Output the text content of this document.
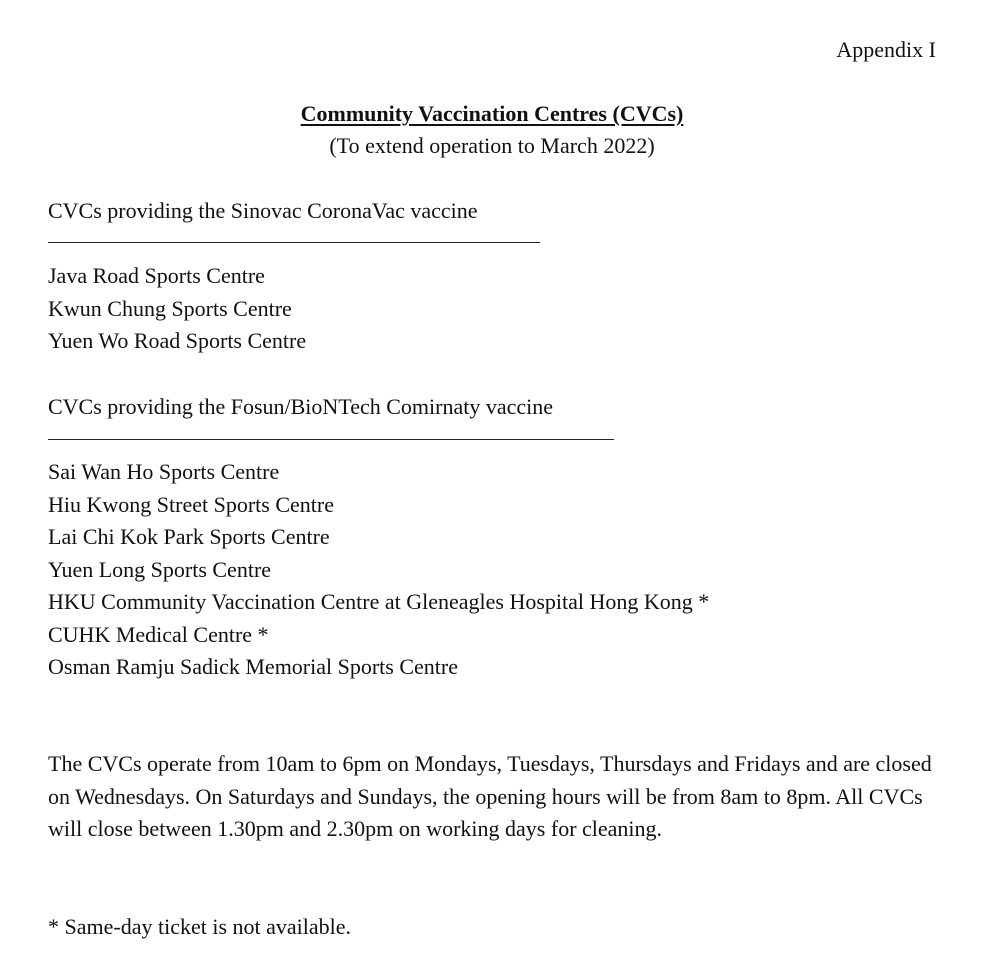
Appendix I

Community Vaccination Centres (CVCs)

(To extend operation to March 2022)

CVCs providing the Sinovac CoronaVac vaccine

Java Road Sports Centre
Kwun Chung Sports Centre
Yuen Wo Road Sports Centre

CVCs providing the Fosun/BioNTech Comirnaty vaccine

Sai Wan Ho Sports Centre
Hiu Kwong Street Sports Centre
Lai Chi Kok Park Sports Centre
Yuen Long Sports Centre
HKU Community Vaccination Centre at Gleneagles Hospital Hong Kong *
CUHK Medical Centre *
Osman Ramju Sadick Memorial Sports Centre

The CVCs operate from 10am to 6pm on Mondays, Tuesdays, Thursdays and Fridays and are closed on Wednesdays. On Saturdays and Sundays, the opening hours will be from 8am to 8pm. All CVCs will close between 1.30pm and 2.30pm on working days for cleaning.

* Same-day ticket is not available.
